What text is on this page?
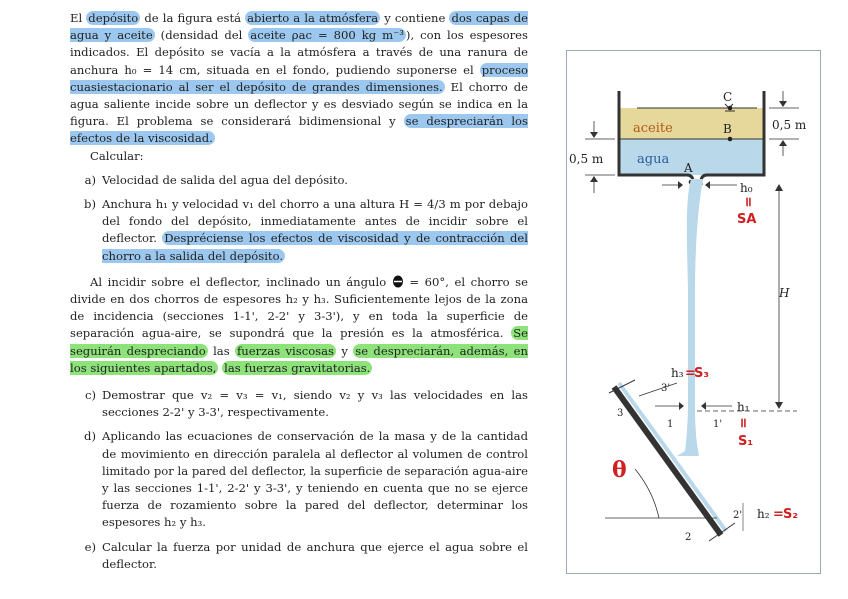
El depósito de la figura está abierto a la atmósfera y contiene dos capas de agua y aceite (densidad del aceite ρac = 800 kg m⁻³ ), con los espesores indicados. El depósito se vacía a la atmósfera a través de una ranura de anchura h₀ = 14 cm, situada en el fondo, pudiendo suponerse el proceso cuasiestacionario al ser el depósito de grandes dimensiones. El chorro de agua saliente incide sobre un deflector y es desviado según se indica en la figura. El problema se considerará bidimensional y se despreciarán los efectos de la viscosidad.

Calcular:

a) Velocidad de salida del agua del depósito.
b) Anchura h₁ y velocidad v₁ del chorro a una altura H = 4/3 m por debajo del fondo del depósito, inmediatamente antes de incidir sobre el deflector. Despréciense los efectos de viscosidad y de contracción del chorro a la salida del depósito.

Al incidir sobre el deflector, inclinado un ángulo  = 60°, el chorro se divide en dos chorros de espesores h₂ y h₃. Suficientemente lejos de la zona de incidencia (secciones 1-1', 2-2' y 3-3'), y en toda la superficie de separación agua-aire, se supondrá que la presión es la atmosférica. Se seguirán despreciando las fuerzas viscosas y se despreciarán, además, en los siguientes apartados, las fuerzas gravitatorias.

c) Demostrar que v₂ = v₃ = v₁, siendo v₂ y v₃ las velocidades en las secciones 2-2' y 3-3', respectivamente.
d) Aplicando las ecuaciones de conservación de la masa y de la cantidad de movimiento en dirección paralela al deflector al volumen de control limitado por la pared del deflector, la superficie de separación agua-aire y las secciones 1-1', 2-2' y 3-3', y teniendo en cuenta que no se ejerce fuerza de rozamiento sobre la pared del deflector, determinar los espesores h₂ y h₃.
e) Calcular la fuerza por unidad de anchura que ejerce el agua sobre el deflector.
C
B
A
aceite
agua
0,5 m
0,5 m
h₀
॥
SA
H
3
3'
h₃ =
S₃
1	1'
h₁
॥
S₁
θ
2
2' h₂ = S₂
